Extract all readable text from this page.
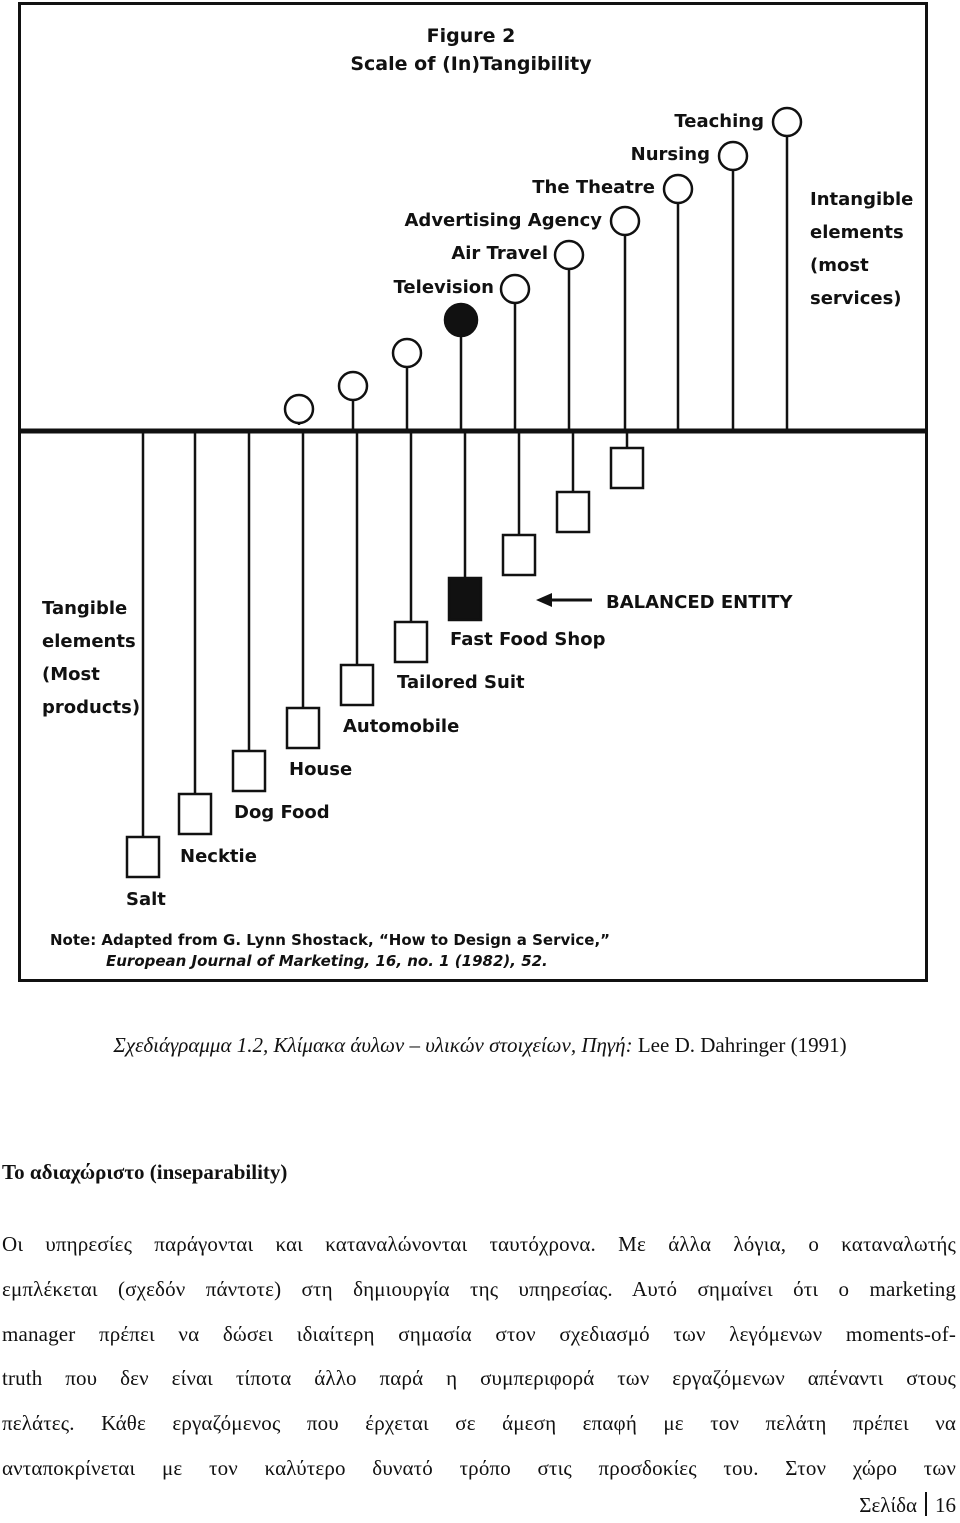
Figure 2
Scale of (In)Tangibility
Intangible
elements
(most
services)
Tangible
elements
(Most
products)
Teaching
Nursing
The Theatre
Advertising Agency
Air Travel
Television
Salt
Necktie
Dog Food
House
Automobile
Tailored Suit
Fast Food Shop
BALANCED ENTITY
Note: Adapted from G. Lynn Shostack, “How to Design a Service,”
European Journal of Marketing, 16, no. 1 (1982), 52.
Σχεδιάγραμμα 1.2, Κλίμακα άυλων – υλικών στοιχείων, Πηγή: Lee D. Dahringer (1991)
Το αδιαχώριστο (inseparability)
Οι υπηρεσίες παράγονται και καταναλώνονται ταυτόχρονα. Με άλλα λόγια, ο καταναλωτής
εμπλέκεται (σχεδόν πάντοτε) στη δημιουργία της υπηρεσίας. Αυτό σημαίνει ότι ο marketing
manager πρέπει να δώσει ιδιαίτερη σημασία στον σχεδιασμό των λεγόμενων moments-of-
truth που δεν είναι τίποτα άλλο παρά η συμπεριφορά των εργαζόμενων απέναντι στους
πελάτες. Κάθε εργαζόμενος που έρχεται σε άμεση επαφή με τον πελάτη πρέπει να
ανταποκρίνεται με τον καλύτερο δυνατό τρόπο στις προσδοκίες του. Στον χώρο των
Σελίδα 16
